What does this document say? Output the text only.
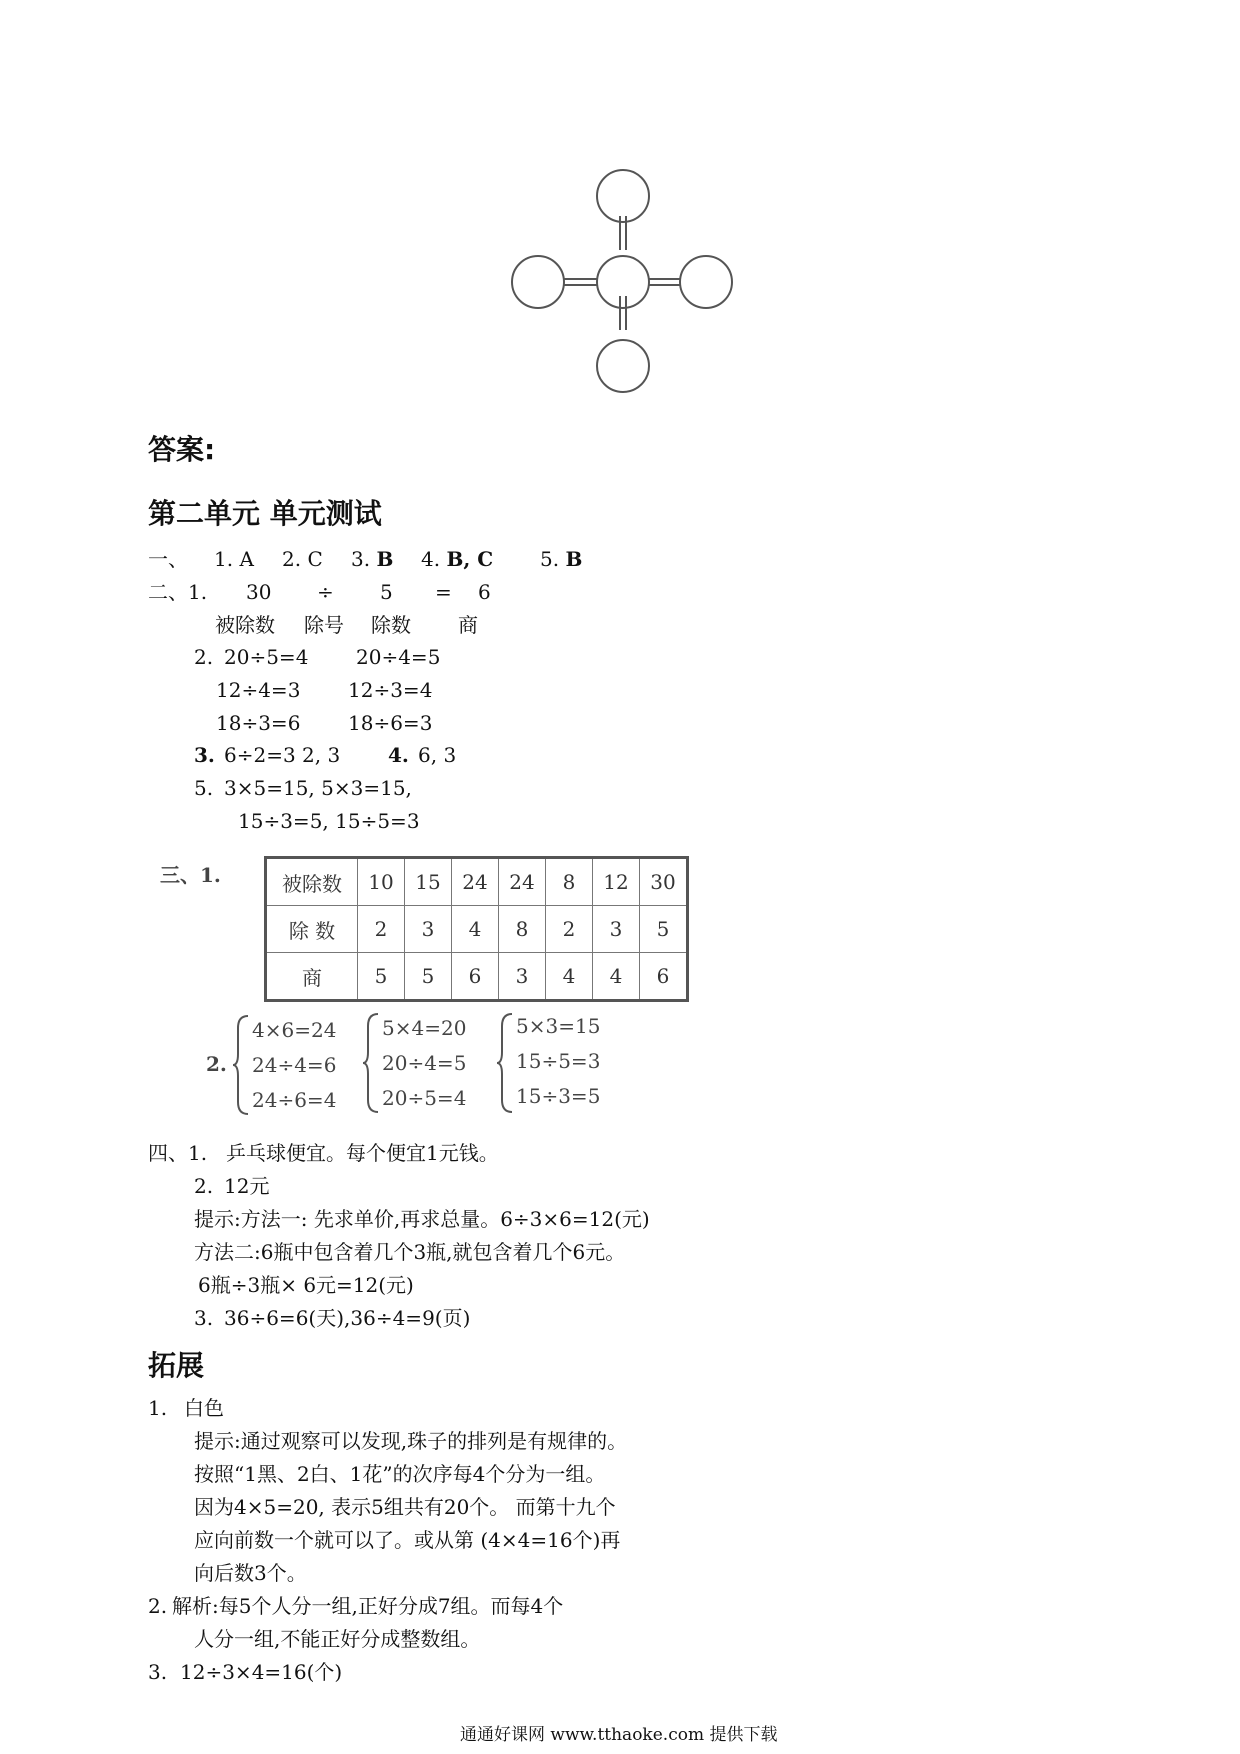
答案:
第二单元 单元测试
一、 1. A 2. C 3. B 4. B, C 5. B
二、1. 30 ÷ 5 = 6
被除数 除号 除数 商
2. 20÷5=4 20÷4=5
12÷4=3 12÷3=4
18÷3=6 18÷6=3
3. 6÷2=3 2, 3 4. 6, 3
5. 3×5=15, 5×3=15,
15÷3=5, 15÷5=3
三、1.	被除数	10	15	24	24	8	12	30
除 数	2	3	4	8	2	3	5
商	5	5	6	3	4	4	6
2.
4×6=24
24÷4=6
24÷6=4
5×4=20
20÷4=5
20÷5=4
5×3=15
15÷5=3
15÷3=5
四、1. 乒乓球便宜。每个便宜1元钱。
2. 12元
提示:方法一: 先求单价,再求总量。6÷3×6=12(元)
方法二:6瓶中包含着几个3瓶,就包含着几个6元。
6瓶÷3瓶× 6元=12(元)
3. 36÷6=6(天),36÷4=9(页)
拓展
1. 白色
提示:通过观察可以发现,珠子的排列是有规律的。
按照“1黑、2白、1花”的次序每4个分为一组。
因为4×5=20, 表示5组共有20个。 而第十九个
应向前数一个就可以了。或从第 (4×4=16个)再
向后数3个。
2. 解析:每5个人分一组,正好分成7组。而每4个
人分一组,不能正好分成整数组。
3. 12÷3×4=16(个)
通通好课网 www.tthaoke.com 提供下载
